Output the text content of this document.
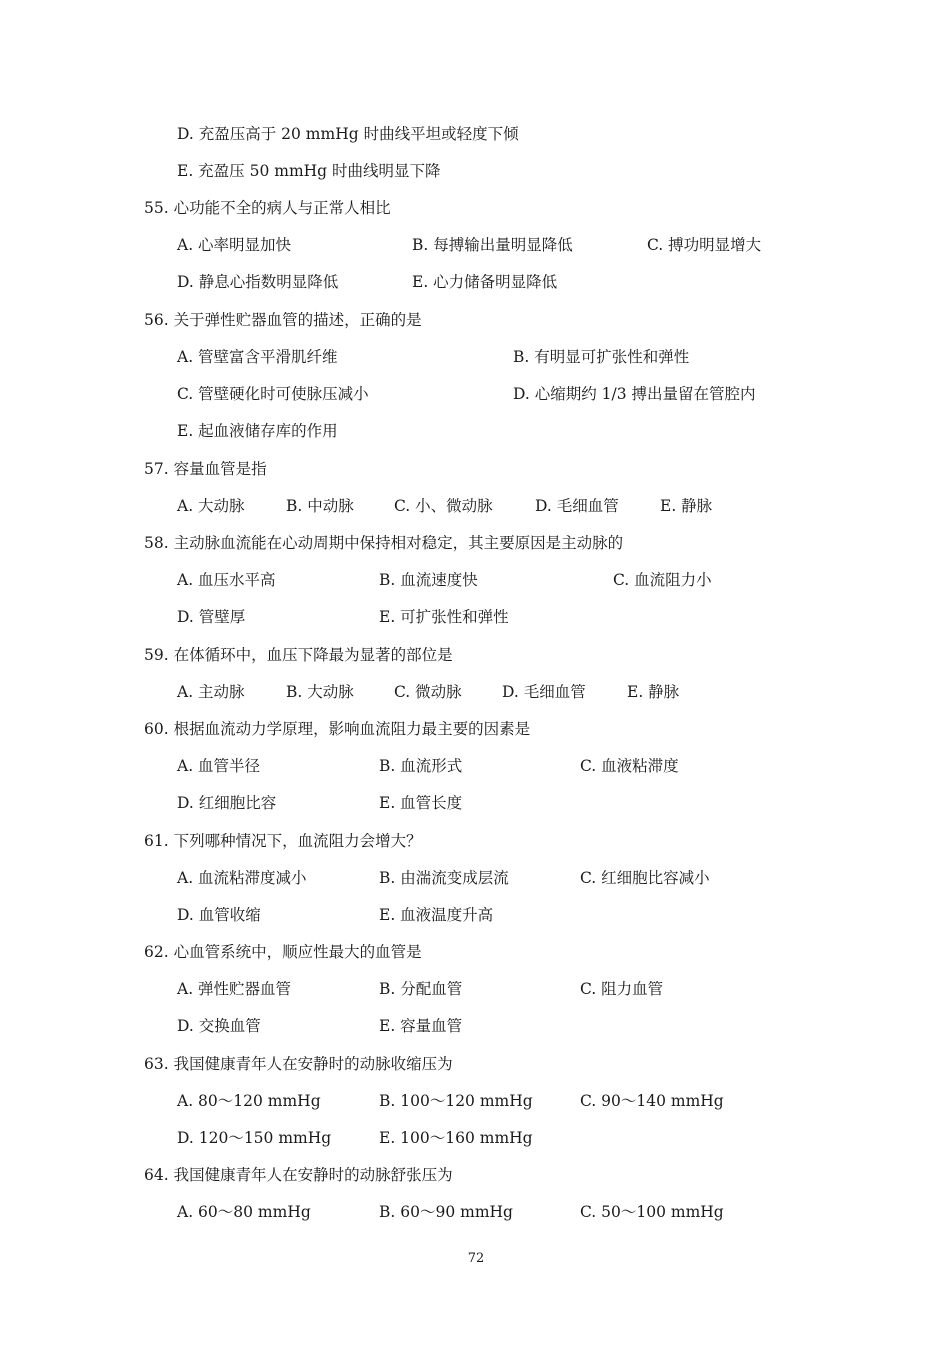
D. 充盈压高于 20 mmHg 时曲线平坦或轻度下倾
E. 充盈压 50 mmHg 时曲线明显下降
55. 心功能不全的病人与正常人相比
A. 心率明显加快	B. 每搏输出量明显降低	C. 搏功明显增大
D. 静息心指数明显降低	E. 心力储备明显降低
56. 关于弹性贮器血管的描述，正确的是
A. 管壁富含平滑肌纤维	B. 有明显可扩张性和弹性
C. 管壁硬化时可使脉压减小	D. 心缩期约 1/3 搏出量留在管腔内
E. 起血液储存库的作用
57. 容量血管是指
A. 大动脉	B. 中动脉	C. 小、微动脉	D. 毛细血管	E. 静脉
58. 主动脉血流能在心动周期中保持相对稳定，其主要原因是主动脉的
A. 血压水平高	B. 血流速度快	C. 血流阻力小
D. 管壁厚	E. 可扩张性和弹性
59. 在体循环中，血压下降最为显著的部位是
A. 主动脉	B. 大动脉	C. 微动脉	D. 毛细血管	E. 静脉
60. 根据血流动力学原理，影响血流阻力最主要的因素是
A. 血管半径	B. 血流形式	C. 血液粘滞度
D. 红细胞比容	E. 血管长度
61. 下列哪种情况下，血流阻力会增大？
A. 血流粘滞度减小	B. 由湍流变成层流	C. 红细胞比容减小
D. 血管收缩	E. 血液温度升高
62. 心血管系统中，顺应性最大的血管是
A. 弹性贮器血管	B. 分配血管	C. 阻力血管
D. 交换血管	E. 容量血管
63. 我国健康青年人在安静时的动脉收缩压为
A. 80～120 mmHg	B. 100～120 mmHg	C. 90～140 mmHg
D. 120～150 mmHg	E. 100～160 mmHg
64. 我国健康青年人在安静时的动脉舒张压为
A. 60～80 mmHg	B. 60～90 mmHg	C. 50～100 mmHg
72
